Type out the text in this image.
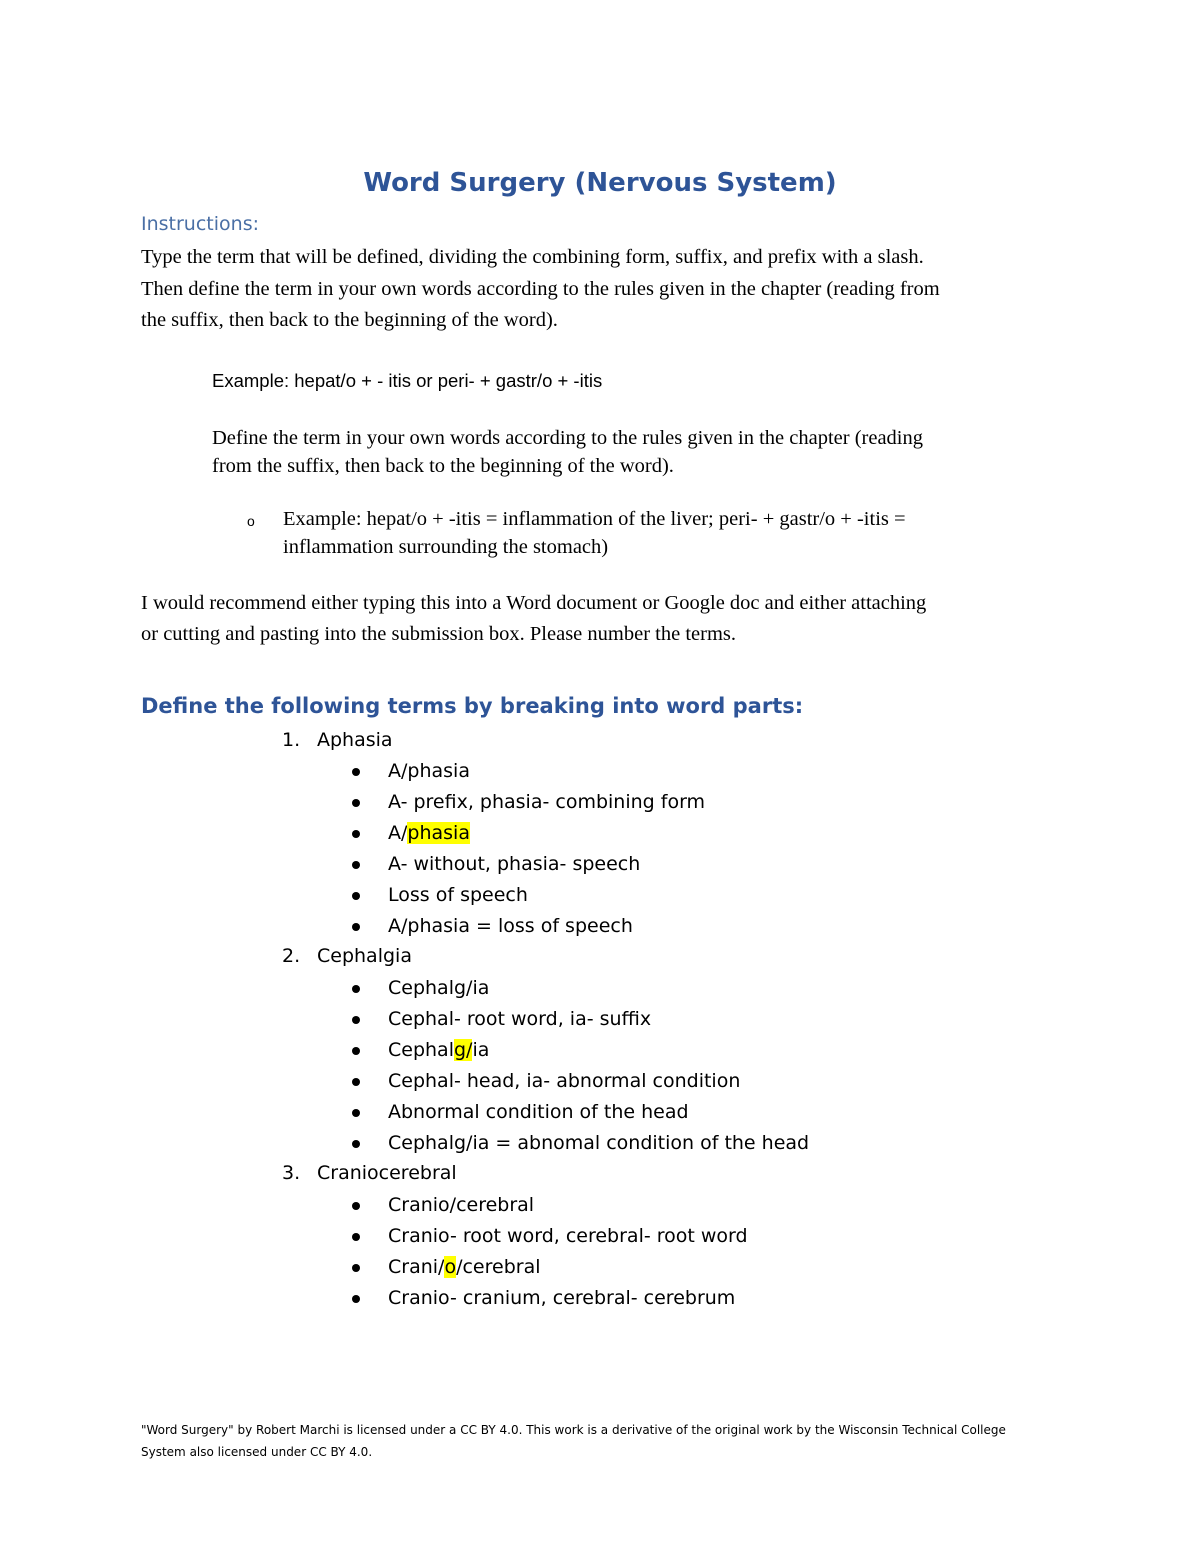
Word Surgery (Nervous System)
Instructions:
Type the term that will be defined, dividing the combining form, suffix, and prefix with a slash.
Then define the term in your own words according to the rules given in the chapter (reading from
the suffix, then back to the beginning of the word).
Example: hepat/o + - itis or peri- + gastr/o + -itis
Define the term in your own words according to the rules given in the chapter (reading
from the suffix, then back to the beginning of the word).
o Example: hepat/o + -itis = inflammation of the liver; peri- + gastr/o + -itis =
inflammation surrounding the stomach)
I would recommend either typing this into a Word document or Google doc and either attaching
or cutting and pasting into the submission box. Please number the terms.
Define the following terms by breaking into word parts:
1. Aphasia
A/phasia
A- prefix, phasia- combining form
A/phasia
A- without, phasia- speech
Loss of speech
A/phasia = loss of speech
2. Cephalgia
Cephalg/ia
Cephal- root word, ia- suffix
Cephalg/ia
Cephal- head, ia- abnormal condition
Abnormal condition of the head
Cephalg/ia = abnomal condition of the head
3. Craniocerebral
Cranio/cerebral
Cranio- root word, cerebral- root word
Crani/o/cerebral
Cranio- cranium, cerebral- cerebrum
"Word Surgery" by Robert Marchi is licensed under a CC BY 4.0. This work is a derivative of the original work by the Wisconsin Technical College
System also licensed under CC BY 4.0.
